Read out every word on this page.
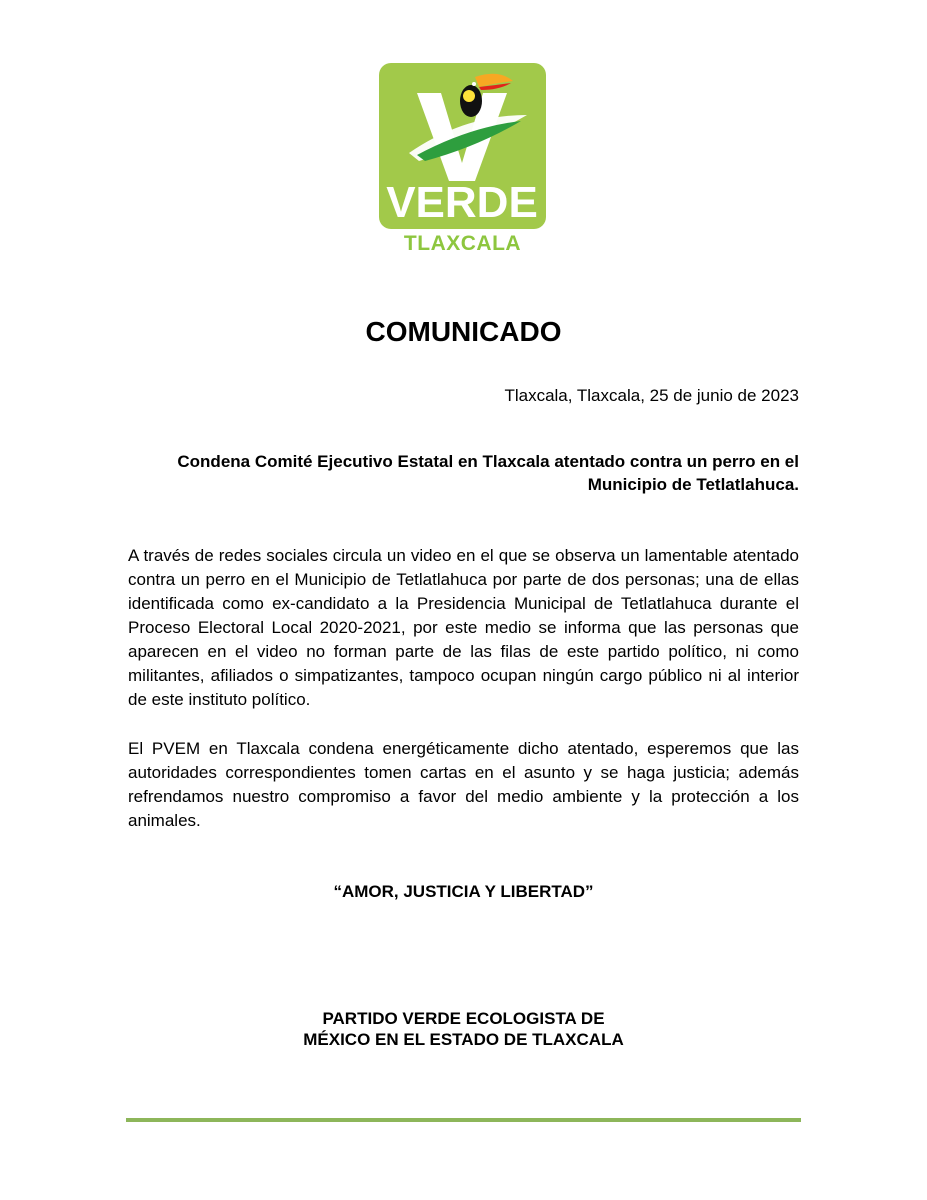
VERDE
TLAXCALA
COMUNICADO
Tlaxcala, Tlaxcala, 25 de junio de 2023
Condena Comité Ejecutivo Estatal en Tlaxcala atentado contra un perro en el
Municipio de Tetlatlahuca.
A través de redes sociales circula un video en el que se observa un lamentable atentado contra un perro en el Municipio de Tetlatlahuca por parte de dos personas; una de ellas identificada como ex-candidato a la Presidencia Municipal de Tetlatlahuca durante el Proceso Electoral Local 2020-2021, por este medio se informa que las personas que aparecen en el video no forman parte de las filas de este partido político, ni como militantes, afiliados o simpatizantes, tampoco ocupan ningún cargo público ni al interior de este instituto político.
El PVEM en Tlaxcala condena energéticamente dicho atentado, esperemos que las autoridades correspondientes tomen cartas en el asunto y se haga justicia; además refrendamos nuestro compromiso a favor del medio ambiente y la protección a los animales.
“AMOR, JUSTICIA Y LIBERTAD”
PARTIDO VERDE ECOLOGISTA DE
MÉXICO EN EL ESTADO DE TLAXCALA
